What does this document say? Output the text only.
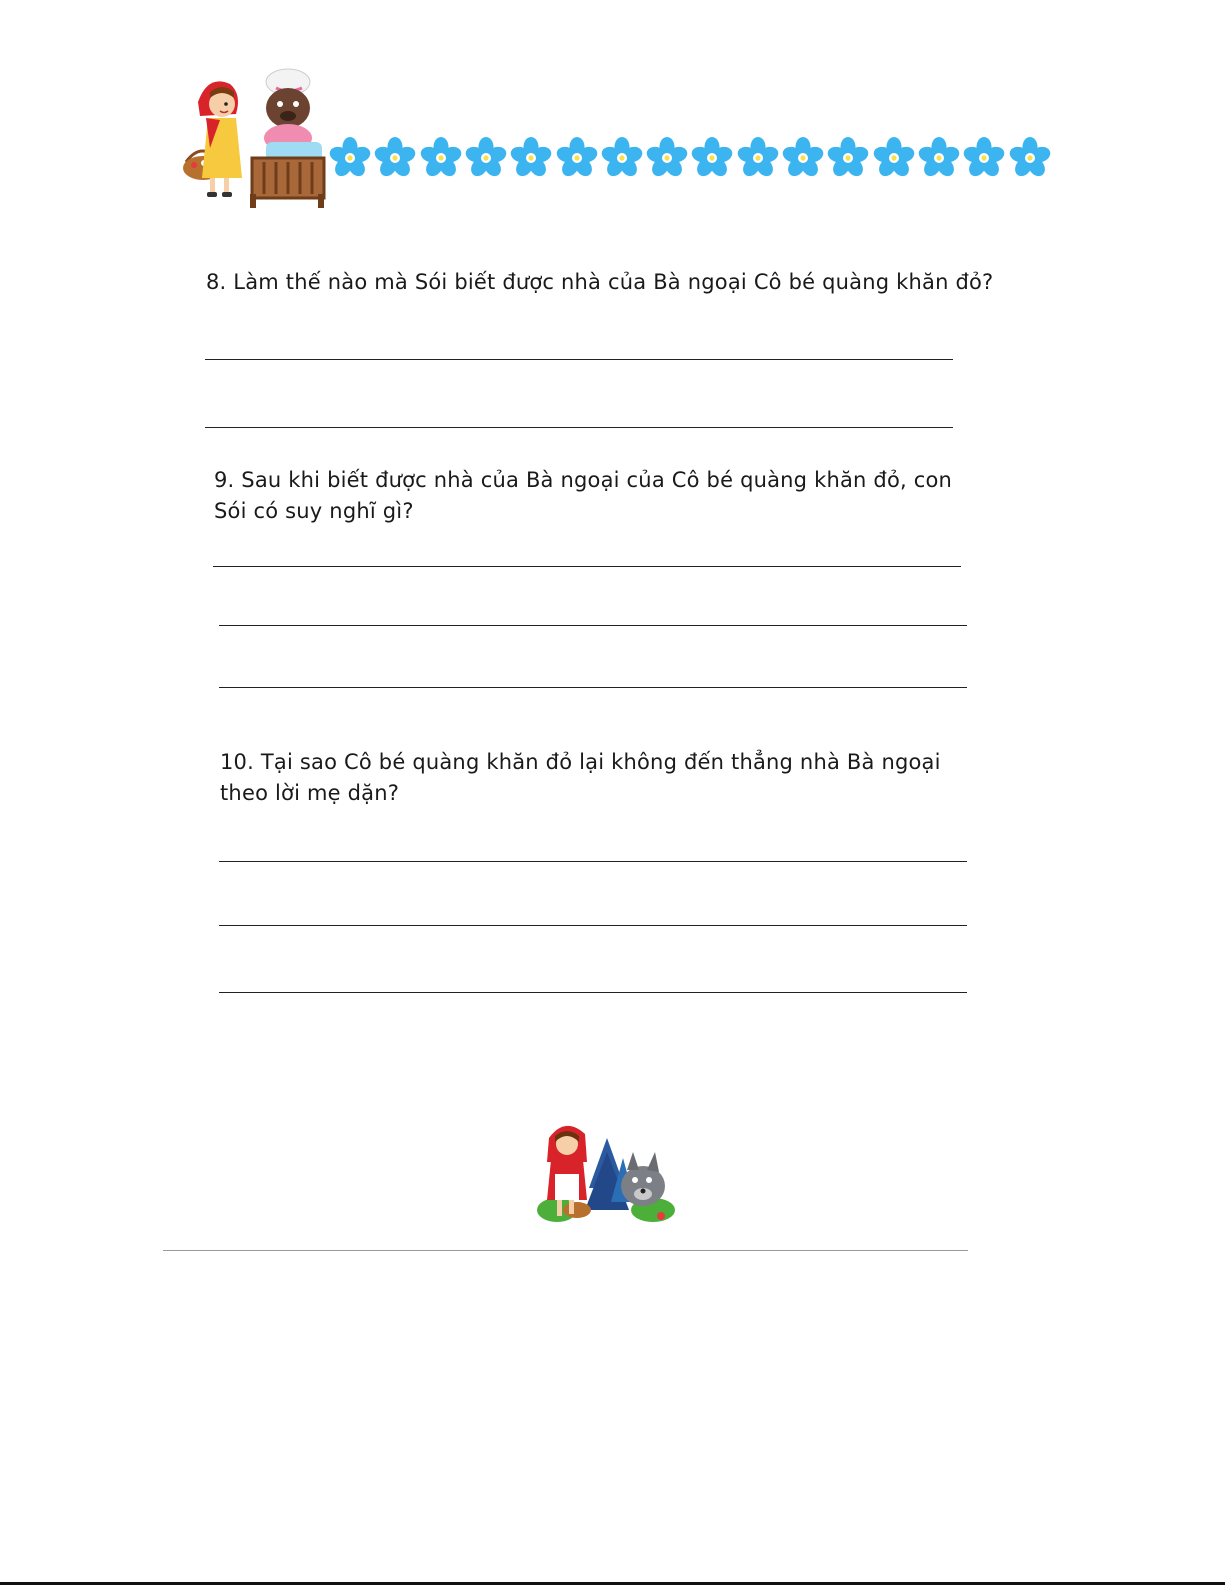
8. Làm thế nào mà Sói biết được nhà của Bà ngoại Cô bé quàng khăn đỏ?

9. Sau khi biết được nhà của Bà ngoại của Cô bé quàng khăn đỏ, con

Sói có suy nghĩ gì?

10. Tại sao Cô bé quàng khăn đỏ lại không đến thẳng nhà Bà ngoại

theo lời mẹ dặn?
